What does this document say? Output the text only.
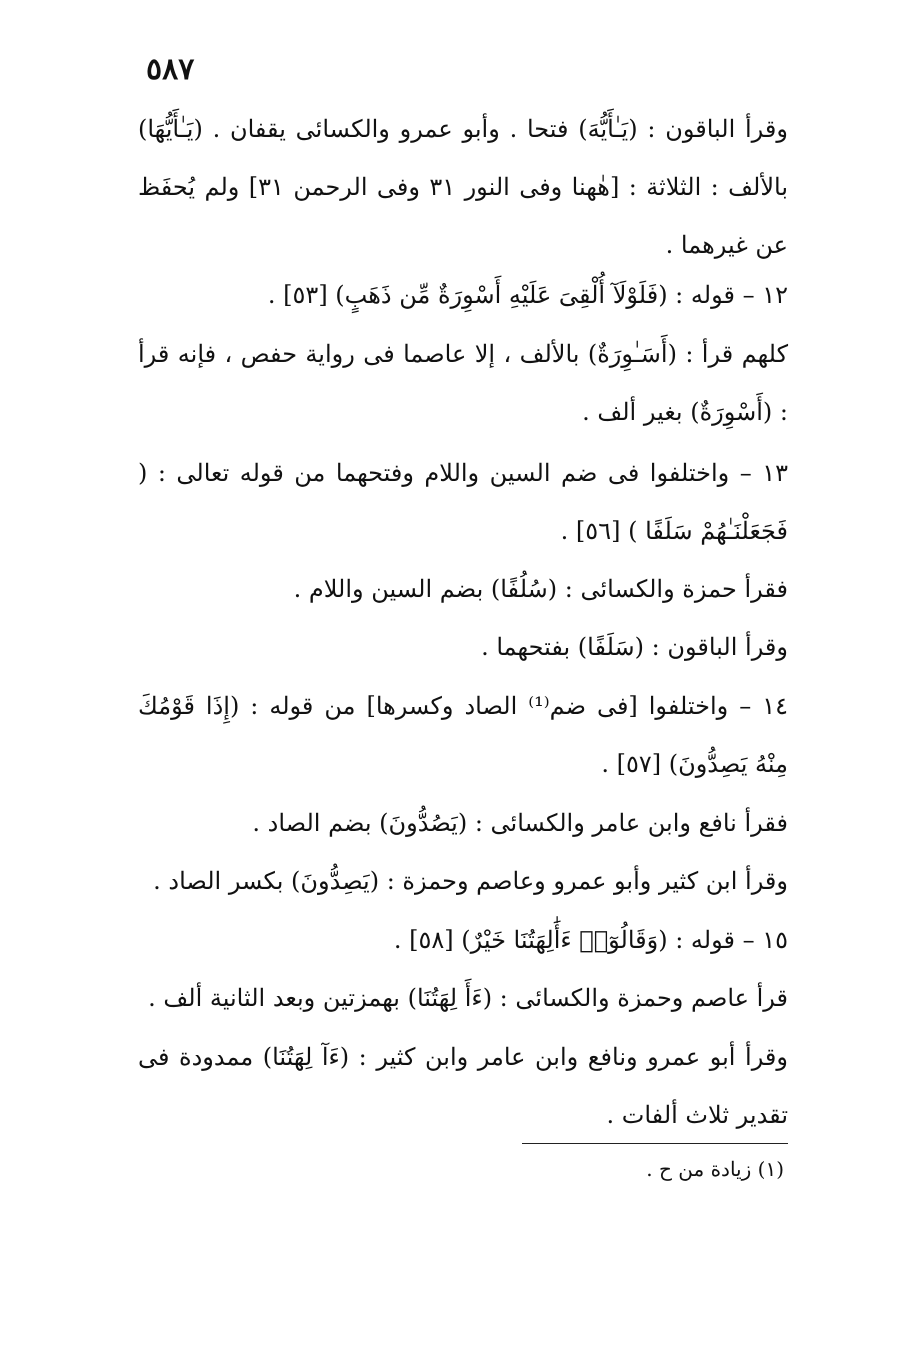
٥٨٧
وقرأ الباقون : (يَـٰأَيُّهَ) فتحا . وأبو عمرو والكسائى يقفان . (يَـٰأَيُّهَا) بالألف : الثلاثة : [هٰهنا وفى النور ٣١ وفى الرحمن ٣١] ولم يُحفَظ عن غيرهما .
١٢ – قوله : (فَلَوْلَآ أُلْقِىَ عَلَيْهِ أَسْوِرَةٌ مِّن ذَهَبٍ) [٥٣] .
كلهم قرأ : (أَسَـٰوِرَةٌ) بالألف ، إلا عاصما فى رواية حفص ، فإنه قرأ : (أَسْوِرَةٌ) بغير ألف .
١٣ – واختلفوا فى ضم السين واللام وفتحهما من قوله تعالى : ( فَجَعَلْنَـٰهُمْ سَلَفًا ) [٥٦] .
فقرأ حمزة والكسائى : (سُلُفًا) بضم السين واللام .
وقرأ الباقون : (سَلَفًا) بفتحهما .
١٤ – واختلفوا [فى ضم⁽¹⁾ الصاد وكسرها] من قوله : (إِذَا قَوْمُكَ مِنْهُ يَصِدُّونَ) [٥٧] .
فقرأ نافع وابن عامر والكسائى : (يَصُدُّونَ) بضم الصاد .
وقرأ ابن كثير وأبو عمرو وعاصم وحمزة : (يَصِدُّونَ) بكسر الصاد .
١٥ – قوله : (وَقَالُوٓا۟ ءَأَٰلِهَتُنَا خَيْرٌ) [٥٨] .
قرأ عاصم وحمزة والكسائى : (ءَأَ لِهَتُنَا) بهمزتين وبعد الثانية ألف .
وقرأ أبو عمرو ونافع وابن عامر وابن كثير : (ءَآ لِهَتُنَا) ممدودة فى تقدير ثلاث ألفات .
(١) زيادة من ح .
